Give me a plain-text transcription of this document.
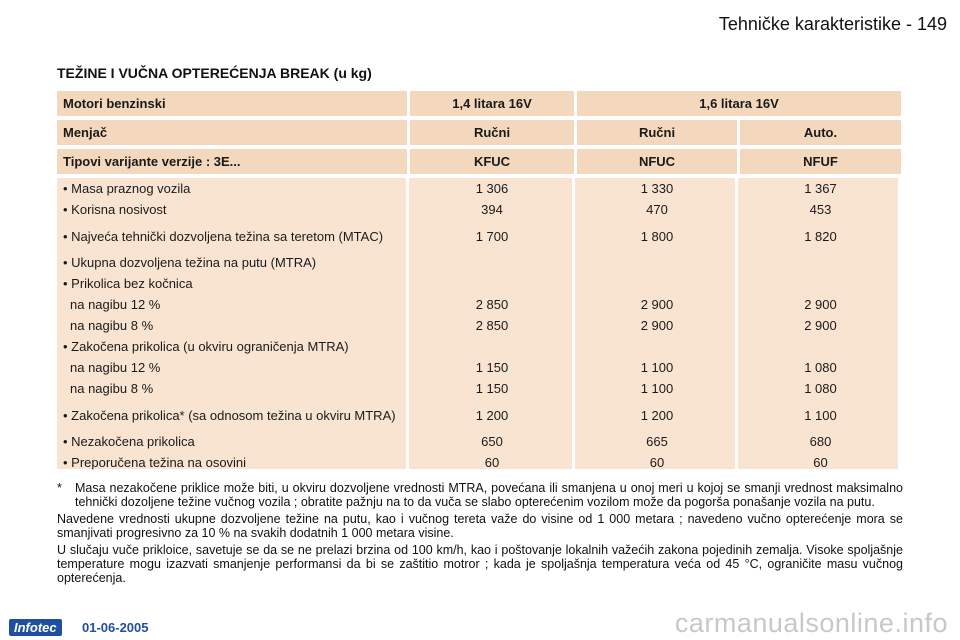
Tehničke karakteristike - 149
TEŽINE I VUČNA OPTEREĆENJA BREAK (u kg)
Motori benzinski	1,4 litara 16V	1,6 litara 16V
Menjač	Ručni	Ručni	Auto.
Tipovi varijante verzije : 3E...	KFUC	NFUC	NFUF
• Masa praznog vozila	1 306	1 330	1 367
• Korisna nosivost	394	470	453
• Najveća tehnički dozvoljena težina sa teretom (MTAC)	1 700	1 800	1 820
• Ukupna dozvoljena težina na putu (MTRA)
• Prikolica bez kočnica
na nagibu 12 %	2 850	2 900	2 900
na nagibu 8 %	2 850	2 900	2 900
• Zakočena prikolica (u okviru ograničenja MTRA)
na nagibu 12 %	1 150	1 100	1 080
na nagibu 8 %	1 150	1 100	1 080
• Zakočena prikolica* (sa odnosom težina u okviru MTRA)	1 200	1 200	1 100
• Nezakočena prikolica	650	665	680
• Preporučena težina na osovini	60	60	60

*	Masa nezakočene priklice može biti, u okviru dozvoljene vrednosti MTRA, povećana ili smanjena u onoj meri u kojoj se smanji vrednost maksimalno tehnički dozoljene težine vučnog vozila ; obratite pažnju na to da vuča se slabo opterećenim vozilom može da pogorša ponašanje vozila na putu.

Navedene vrednosti ukupne dozvoljene težine na putu, kao i vučnog tereta važe do visine od 1 000 metara ; navedeno vučno opterećenje mora se smanjivati progresivno za 10 % na svakih dodatnih 1 000 metara visine.

U slučaju vuče prikloice, savetuje se da se ne prelazi brzina od 100 km/h, kao i poštovanje lokalnih važećih zakona pojedinih zemalja. Visoke spoljašnje temperature mogu izazvati smanjenje performansi da bi se zaštitio motror ; kada je spoljašnja temperatura veća od 45 °C, ograničite masu vučnog opterećenja.

Infotec	01-06-2005	carmanualsonline.info
